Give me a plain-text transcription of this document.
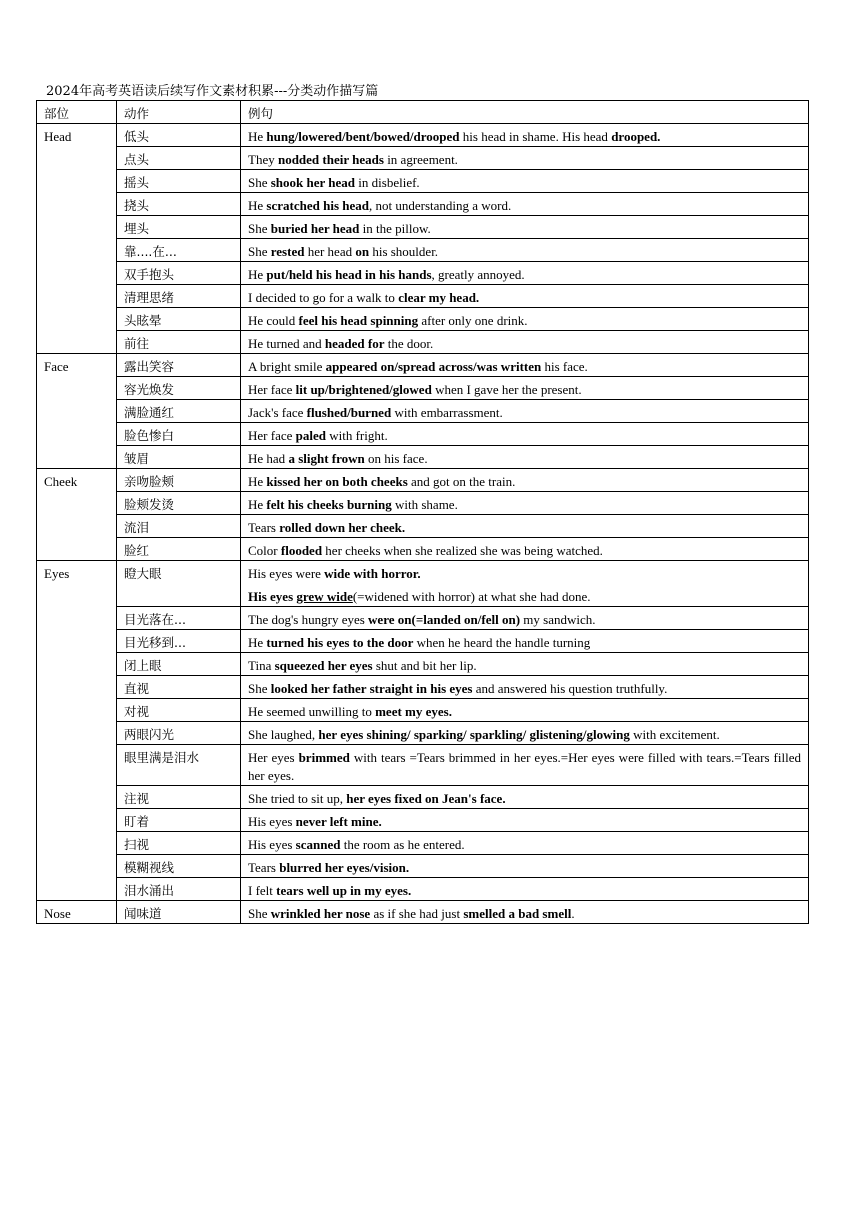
2024年高考英语读后续写作文素材积累---分类动作描写篇
部位	动作	例句
Head	低头	He hung/lowered/bent/bowed/drooped his head in shame. His head drooped.
	点头	They nodded their heads in agreement.
	摇头	She shook her head in disbelief.
	挠头	He scratched his head, not understanding a word.
	埋头	She buried her head in the pillow.
	靠....在...	She rested her head on his shoulder.
	双手抱头	He put/held his head in his hands, greatly annoyed.
	清理思绪	I decided to go for a walk to clear my head.
	头眩晕	He could feel his head spinning after only one drink.
	前往	He turned and headed for the door.
Face	露出笑容	A bright smile appeared on/spread across/was written his face.
	容光焕发	Her face lit up/brightened/glowed when I gave her the present.
	满脸通红	Jack's face flushed/burned with embarrassment.
	脸色惨白	Her face paled with fright.
	皱眉	He had a slight frown on his face.
Cheek	亲吻脸颊	He kissed her on both cheeks and got on the train.
	脸颊发烫	He felt his cheeks burning with shame.
	流泪	Tears rolled down her cheek.
	脸红	Color flooded her cheeks when she realized she was being watched.
Eyes	瞪大眼	His eyes were wide with horror.
His eyes grew wide(=widened with horror) at what she had done.

	目光落在...	The dog's hungry eyes were on(=landed on/fell on) my sandwich.
	目光移到...	He turned his eyes to the door when he heard the handle turning
	闭上眼	Tina squeezed her eyes shut and bit her lip.
	直视	She looked her father straight in his eyes and answered his question truthfully.
	对视	He seemed unwilling to meet my eyes.
	两眼闪光	She laughed, her eyes shining/ sparking/ sparkling/ glistening/glowing with excitement.
	眼里满是泪水	Her eyes brimmed with tears =Tears brimmed in her eyes.=Her eyes were filled with tears.=Tears filled her eyes.
	注视	She tried to sit up, her eyes fixed on Jean's face.
	盯着	His eyes never left mine.
	扫视	His eyes scanned the room as he entered.
	模糊视线	Tears blurred her eyes/vision.
	泪水涌出	I felt tears well up in my eyes.
Nose	闻味道	She wrinkled her nose as if she had just smelled a bad smell.
